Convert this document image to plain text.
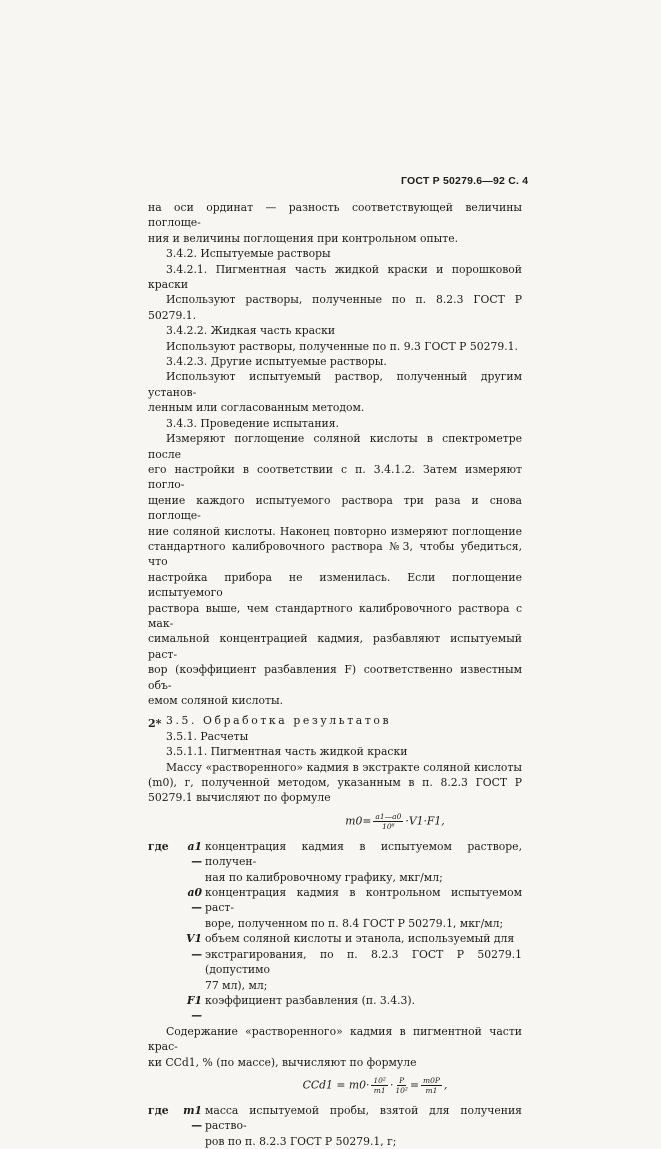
ГОСТ Р 50279.6—92 С. 4

на оси ординат — разность соответствующей величины поглоще-

ния и величины поглощения при контрольном опыте.

3.4.2. Испытуемые растворы

3.4.2.1. Пигментная часть жидкой краски и порошковой краски

Используют растворы, полученные по п. 8.2.3 ГОСТ Р 50279.1.

3.4.2.2. Жидкая часть краски

Используют растворы, полученные по п. 9.3 ГОСТ Р 50279.1.

3.4.2.3. Другие испытуемые растворы.

Используют испытуемый раствор, полученный другим установ-

ленным или согласованным методом.

3.4.3. Проведение испытания.

Измеряют поглощение соляной кислоты в спектрометре после

его настройки в соответствии с п. 3.4.1.2. Затем измеряют погло-

щение каждого испытуемого раствора три раза и снова поглоще-

ние соляной кислоты. Наконец повторно измеряют поглощение

стандартного калибровочного раствора №3, чтобы убедиться, что

настройка прибора не изменилась. Если поглощение испытуемого

раствора выше, чем стандартного калибровочного раствора с мак-

симальной концентрацией кадмия, разбавляют испытуемый раст-

вор (коэффициент разбавления F) соответственно известным объ-

емом соляной кислоты.

3.5. Обработка результатов

3.5.1. Расчеты

3.5.1.1. Пигментная часть жидкой краски

Массу «растворенного» кадмия в экстракте соляной кислоты

(m0), г, полученной методом, указанным в п. 8.2.3 ГОСТ Р

50279.1 вычисляют по формуле

$m0= \frac{a1—a0}{\text{10⁶}} \cdot V1\cdot F1$,
где	a1 —
концентрация кадмия в испытуемом растворе, получен-
ная по калибровочному графику, мкг/мл;
a0 —
концентрация кадмия в контрольном испытуемом раст-
воре, полученном по п. 8.4 ГОСТ Р 50279.1, мкг/мл;
V1 —
объем соляной кислоты и этанола, используемый для
экстрагирования, по п. 8.2.3 ГОСТ Р 50279.1 (допустимо
77 мл), мл;
F1 —
коэффициент разбавления (п. 3.4.3).

Содержание «растворенного» кадмия в пигментной части крас-

ки CCd1, % (по массе), вычисляют по формуле

$CCd1 = m0\cdot \frac{\text{10²}}{m1} \cdot \frac{P}{\text{10²}} = \frac{m0P}{m1}$ ,
где	m1 —
масса испытуемой пробы, взятой для получения раство-
ров по п. 8.2.3 ГОСТ Р 50279.1, г;
2*
